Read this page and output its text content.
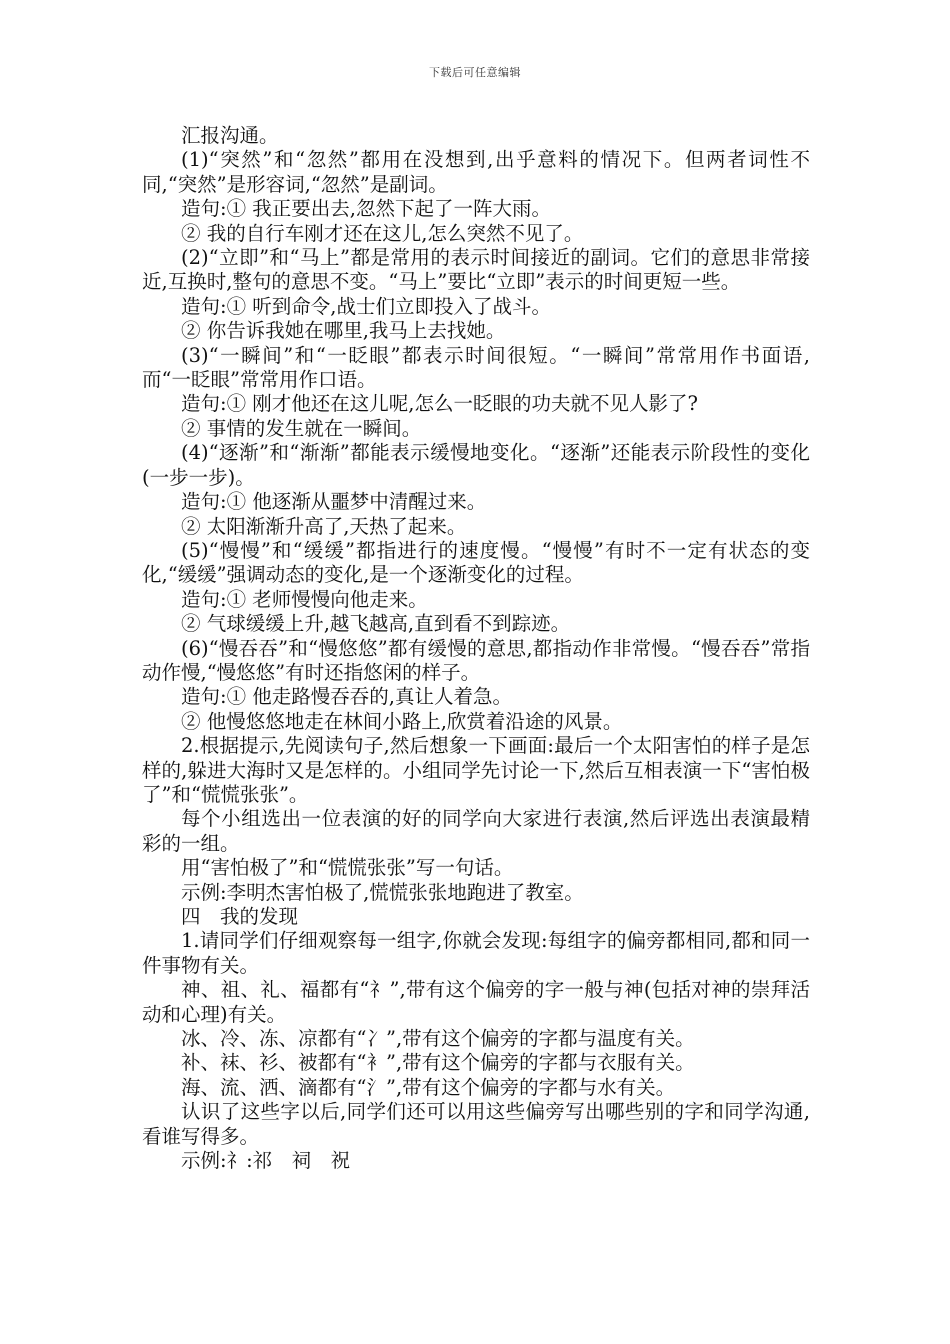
下载后可任意编辑

汇报沟通。

(1)“突然”和“忽然”都用在没想到,出乎意料的情况下。但两者词性不同,“突然”是形容词,“忽然”是副词。

造句:① 我正要出去,忽然下起了一阵大雨。

② 我的自行车刚才还在这儿,怎么突然不见了。

(2)“立即”和“马上”都是常用的表示时间接近的副词。它们的意思非常接近,互换时,整句的意思不变。“马上”要比“立即”表示的时间更短一些。

造句:① 听到命令,战士们立即投入了战斗。

② 你告诉我她在哪里,我马上去找她。

(3)“一瞬间”和“一眨眼”都表示时间很短。“一瞬间”常常用作书面语,而“一眨眼”常常用作口语。

造句:① 刚才他还在这儿呢,怎么一眨眼的功夫就不见人影了?

② 事情的发生就在一瞬间。

(4)“逐渐”和“渐渐”都能表示缓慢地变化。“逐渐”还能表示阶段性的变化(一步一步)。

造句:① 他逐渐从噩梦中清醒过来。

② 太阳渐渐升高了,天热了起来。

(5)“慢慢”和“缓缓”都指进行的速度慢。“慢慢”有时不一定有状态的变化,“缓缓”强调动态的变化,是一个逐渐变化的过程。

造句:① 老师慢慢向他走来。

② 气球缓缓上升,越飞越高,直到看不到踪迹。

(6)“慢吞吞”和“慢悠悠”都有缓慢的意思,都指动作非常慢。“慢吞吞”常指动作慢,“慢悠悠”有时还指悠闲的样子。

造句:① 他走路慢吞吞的,真让人着急。

② 他慢悠悠地走在林间小路上,欣赏着沿途的风景。

2.根据提示,先阅读句子,然后想象一下画面:最后一个太阳害怕的样子是怎样的,躲进大海时又是怎样的。小组同学先讨论一下,然后互相表演一下“害怕极了”和“慌慌张张”。

每个小组选出一位表演的好的同学向大家进行表演,然后评选出表演最精彩的一组。

用“害怕极了”和“慌慌张张”写一句话。

示例:李明杰害怕极了,慌慌张张地跑进了教室。

四　我的发现

1.请同学们仔细观察每一组字,你就会发现:每组字的偏旁都相同,都和同一件事物有关。

神、祖、礼、福都有“礻”,带有这个偏旁的字一般与神(包括对神的崇拜活动和心理)有关。

冰、冷、冻、凉都有“冫”,带有这个偏旁的字都与温度有关。

补、袜、衫、被都有“衤”,带有这个偏旁的字都与衣服有关。

海、流、洒、滴都有“氵”,带有这个偏旁的字都与水有关。

认识了这些字以后,同学们还可以用这些偏旁写出哪些别的字和同学沟通,看谁写得多。

示例:礻:祁　祠　祝
